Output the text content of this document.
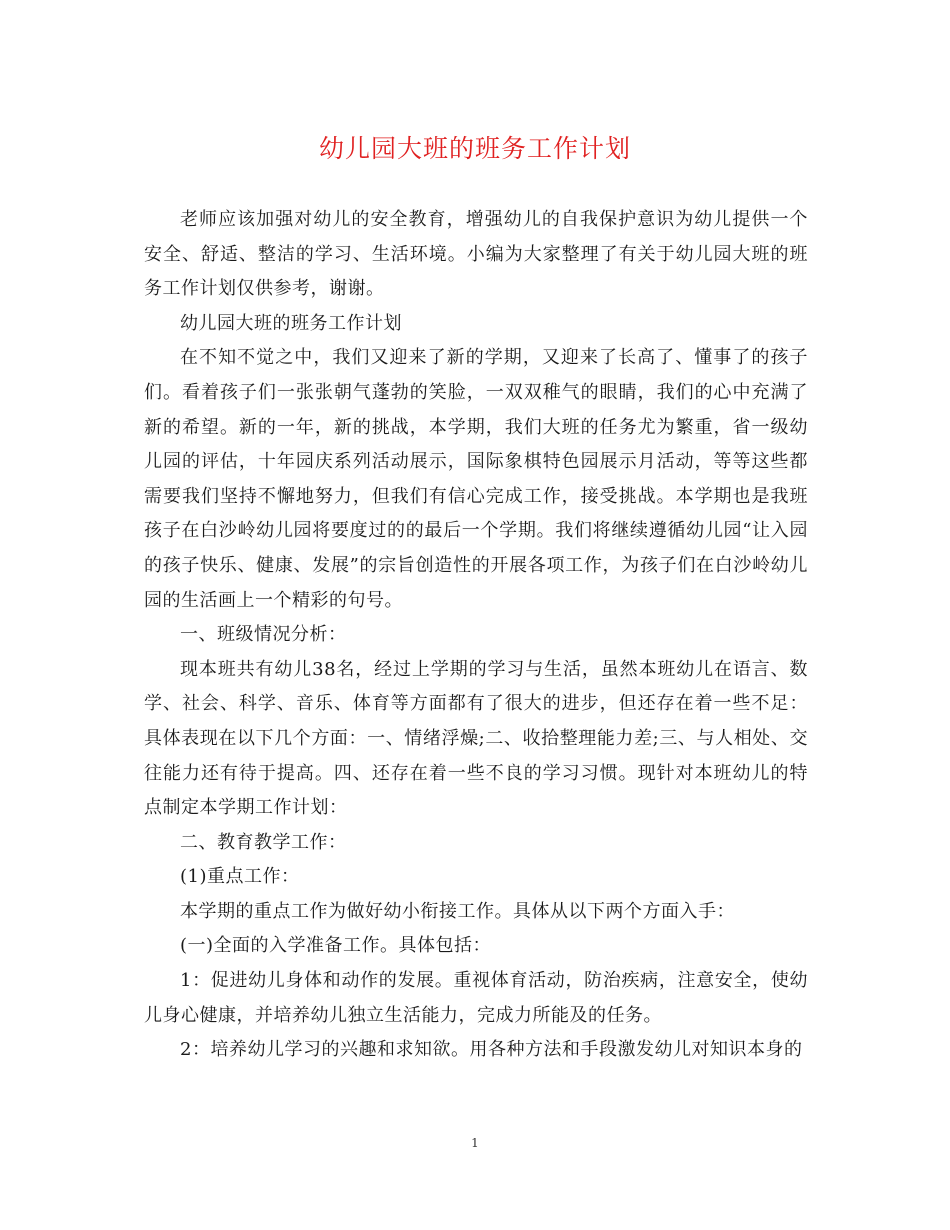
幼儿园大班的班务工作计划

老师应该加强对幼儿的安全教育，增强幼儿的自我保护意识为幼儿提供一个安全、舒适、整洁的学习、生活环境。小编为大家整理了有关于幼儿园大班的班务工作计划仅供参考，谢谢。

幼儿园大班的班务工作计划

在不知不觉之中，我们又迎来了新的学期，又迎来了长高了、懂事了的孩子们。看着孩子们一张张朝气蓬勃的笑脸，一双双稚气的眼睛，我们的心中充满了新的希望。新的一年，新的挑战，本学期，我们大班的任务尤为繁重，省一级幼儿园的评估，十年园庆系列活动展示，国际象棋特色园展示月活动，等等这些都需要我们坚持不懈地努力，但我们有信心完成工作，接受挑战。本学期也是我班孩子在白沙岭幼儿园将要度过的的最后一个学期。我们将继续遵循幼儿园“让入园的孩子快乐、健康、发展”的宗旨创造性的开展各项工作，为孩子们在白沙岭幼儿园的生活画上一个精彩的句号。

一、班级情况分析：

现本班共有幼儿38名，经过上学期的学习与生活，虽然本班幼儿在语言、数学、社会、科学、音乐、体育等方面都有了很大的进步，但还存在着一些不足：具体表现在以下几个方面：一、情绪浮燥;二、收拾整理能力差;三、与人相处、交往能力还有待于提高。四、还存在着一些不良的学习习惯。现针对本班幼儿的特点制定本学期工作计划：

二、教育教学工作：

(1)重点工作：

本学期的重点工作为做好幼小衔接工作。具体从以下两个方面入手：

(一)全面的入学准备工作。具体包括：

1：促进幼儿身体和动作的发展。重视体育活动，防治疾病，注意安全，使幼儿身心健康，并培养幼儿独立生活能力，完成力所能及的任务。

2：培养幼儿学习的兴趣和求知欲。用各种方法和手段激发幼儿对知识本身的

1
